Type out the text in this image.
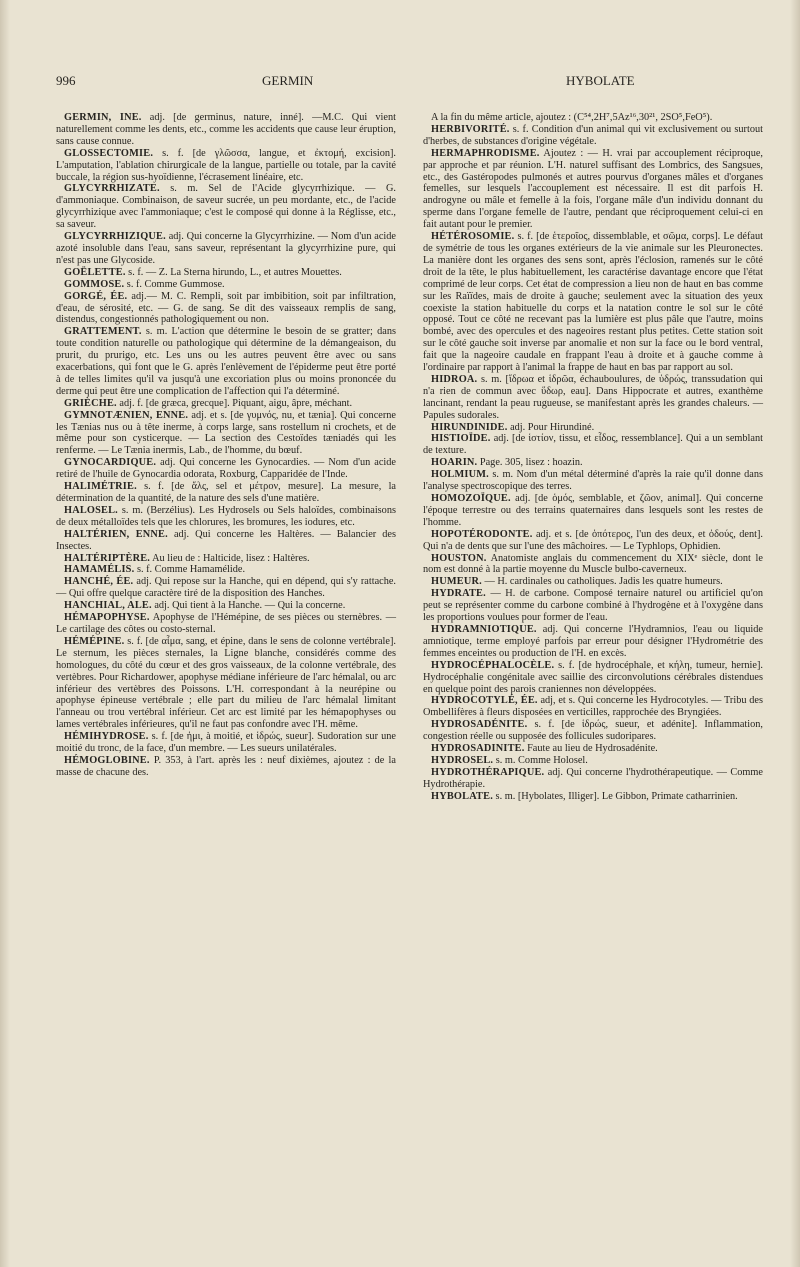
996	GERMIN	HYBOLATE

GERMIN, INE. adj. [de germinus, nature, inné]. —M.C. Qui vient naturellement comme les dents, etc., comme les accidents que cause leur éruption, sans cause connue.

GLOSSECTOMIE. s. f. [de γλῶσσα, langue, et ἐκτομή, excision]. L'amputation, l'ablation chirurgicale de la langue, partielle ou totale, par la cavité buccale, la région sus-hyoïdienne, l'écrasement linéaire, etc.

GLYCYRRHIZATE. s. m. Sel de l'Acide glycyrrhizique. — G. d'ammoniaque. Combinaison, de saveur sucrée, un peu mordante, etc., de l'acide glycyrrhizique avec l'ammoniaque; c'est le composé qui donne à la Réglisse, etc., sa saveur.

GLYCYRRHIZIQUE. adj. Qui concerne la Glycyrrhizine. — Nom d'un acide azoté insoluble dans l'eau, sans saveur, représentant la glycyrrhizine pure, qui n'est pas une Glycoside.

GOËLETTE. s. f. — Z. La Sterna hirundo, L., et autres Mouettes.

GOMMOSE. s. f. Comme Gummose.

GORGÉ, ÉE. adj.— M. C. Rempli, soit par imbibition, soit par infiltration, d'eau, de sérosité, etc. — G. de sang. Se dit des vaisseaux remplis de sang, distendus, congestionnés pathologiquement ou non.

GRATTEMENT. s. m. L'action que détermine le besoin de se gratter; dans toute condition naturelle ou pathologique qui détermine de la démangeaison, du prurit, du prurigo, etc. Les uns ou les autres peuvent être avec ou sans exacerbations, qui font que le G. après l'enlèvement de l'épiderme peut être porté à de telles limites qu'il va jusqu'à une excoriation plus ou moins prononcée du derme qui peut être une complication de l'affection qui l'a déterminé.

GRIÈCHE. adj. f. [de græca, grecque]. Piquant, aigu, âpre, méchant.

GYMNOTÆNIEN, ENNE. adj. et s. [de γυμνός, nu, et tænia]. Qui concerne les Tænias nus ou à tête inerme, à corps large, sans rostellum ni crochets, et de même pour son cysticerque. — La section des Cestoïdes tæniadés qui les renferme. — Le Tænia inermis, Lab., de l'homme, du bœuf.

GYNOCARDIQUE. adj. Qui concerne les Gynocardies. — Nom d'un acide retiré de l'huile de Gynocardia odorata, Roxburg, Capparidée de l'Inde.

HALIMÉTRIE. s. f. [de ἅλς, sel et μέτρον, mesure]. La mesure, la détermination de la quantité, de la nature des sels d'une matière.

HALOSEL. s. m. (Berzélius). Les Hydrosels ou Sels haloïdes, combinaisons de deux métalloïdes tels que les chlorures, les bromures, les iodures, etc.

HALTÉRIEN, ENNE. adj. Qui concerne les Haltères. — Balancier des Insectes.

HALTÉRIPTÈRE. Au lieu de : Halticide, lisez : Haltères.

HAMAMÉLIS. s. f. Comme Hamamélide.

HANCHÉ, ÉE. adj. Qui repose sur la Hanche, qui en dépend, qui s'y rattache. — Qui offre quelque caractère tiré de la disposition des Hanches.

HANCHIAL, ALE. adj. Qui tient à la Hanche. — Qui la concerne.

HÉMAPOPHYSE. Apophyse de l'Hémépine, de ses pièces ou sternèbres. — Le cartilage des côtes ou costo-sternal.

HÉMÉPINE. s. f. [de αἷμα, sang, et épine, dans le sens de colonne vertébrale]. Le sternum, les pièces sternales, la Ligne blanche, considérés comme des homologues, du côté du cœur et des gros vaisseaux, de la colonne vertébrale, des vertèbres. Pour Richardower, apophyse médiane inférieure de l'arc hémalal, ou arc inférieur des vertèbres des Poissons. L'H. correspondant à la neurépine ou apophyse épineuse vertébrale ; elle part du milieu de l'arc hémalal limitant l'anneau ou trou vertébral inférieur. Cet arc est limité par les hémapophyses ou lames vertébrales inférieures, qu'il ne faut pas confondre avec l'H. même.

HÉMIHYDROSE. s. f. [de ἡμι, à moitié, et ἱδρώς, sueur]. Sudoration sur une moitié du tronc, de la face, d'un membre. — Les sueurs unilatérales.

HÉMOGLOBINE. P. 353, à l'art. après les : neuf dixièmes, ajoutez : de la masse de chacune des.

A la fin du même article, ajoutez : (C⁵⁴,2H⁷,5Az¹⁶,30²¹, 2SO⁵,FeO⁵).

HERBIVORITÉ. s. f. Condition d'un animal qui vit exclusivement ou surtout d'herbes, de substances d'origine végétale.

HERMAPHRODISME. Ajoutez : — H. vrai par accouplement réciproque, par approche et par réunion. L'H. naturel suffisant des Lombrics, des Sangsues, etc., des Gastéropodes pulmonés et autres pourvus d'organes mâles et d'organes femelles, sur lesquels l'accouplement est nécessaire. Il est dit parfois H. androgyne ou mâle et femelle à la fois, l'organe mâle d'un individu donnant du sperme dans l'organe femelle de l'autre, pendant que réciproquement celui-ci en fait autant pour le premier.

HÉTÉROSOMIE. s. f. [de ἑτεροῖος, dissemblable, et σῶμα, corps]. Le défaut de symétrie de tous les organes extérieurs de la vie animale sur les Pleuronectes. La manière dont les organes des sens sont, après l'éclosion, ramenés sur le côté droit de la tête, le plus habituellement, les caractérise davantage encore que l'état comprimé de leur corps. Cet état de compression a lieu non de haut en bas comme sur les Raïïdes, mais de droite à gauche; seulement avec la situation des yeux coexiste la station habituelle du corps et la natation contre le sol sur le côté opposé. Tout ce côté ne recevant pas la lumière est plus pâle que l'autre, moins bombé, avec des opercules et des nageoires restant plus petites. Cette station soit sur le côté gauche soit inverse par anomalie et non sur la face ou le bord ventral, fait que la nageoire caudale en frappant l'eau à droite et à gauche comme à l'ordinaire par rapport à l'animal la frappe de haut en bas par rapport au sol.

HIDROA. s. m. [ἵδρωα et ἱδρῶα, échauboulures, de ὑδρώς, transsudation qui n'a rien de commun avec ὕδωρ, eau]. Dans Hippocrate et autres, exanthème lancinant, rendant la peau rugueuse, se manifestant après les grandes chaleurs. — Papules sudorales.

HIRUNDINIDE. adj. Pour Hirundiné.

HISTIOÏDE. adj. [de ἱστίον, tissu, et εἶδος, ressemblance]. Qui a un semblant de texture.

HOARIN. Page. 305, lisez : hoazin.

HOLMIUM. s. m. Nom d'un métal déterminé d'après la raie qu'il donne dans l'analyse spectroscopique des terres.

HOMOZOÏQUE. adj. [de ὁμός, semblable, et ζῶον, animal]. Qui concerne l'époque terrestre ou des terrains quaternaires dans lesquels sont les restes de l'homme.

HOPOTÉRODONTE. adj. et s. [de ὁπότερος, l'un des deux, et ὀδούς, dent]. Qui n'a de dents que sur l'une des mâchoires. — Le Typhlops, Ophidien.

HOUSTON. Anatomiste anglais du commencement du XIXᵉ siècle, dont le nom est donné à la partie moyenne du Muscle bulbo-caverneux.

HUMEUR. — H. cardinales ou catholiques. Jadis les quatre humeurs.

HYDRATE. — H. de carbone. Composé ternaire naturel ou artificiel qu'on peut se représenter comme du carbone combiné à l'hydrogène et à l'oxygène dans les proportions voulues pour former de l'eau.

HYDRAMNIOTIQUE. adj. Qui concerne l'Hydramnios, l'eau ou liquide amniotique, terme employé parfois par erreur pour désigner l'Hydrométrie des femmes enceintes ou production de l'H. en excès.

HYDROCÉPHALOCÈLE. s. f. [de hydrocéphale, et κήλη, tumeur, hernie]. Hydrocéphalie congénitale avec saillie des circonvolutions cérébrales distendues en quelque point des parois craniennes non développées.

HYDROCOTYLÉ, ÉE. adj, et s. Qui concerne les Hydrocotyles. — Tribu des Ombellifères à fleurs disposées en verticilles, rapprochée des Bryngiées.

HYDROSADÉNITE. s. f. [de ἱδρώς, sueur, et adénite]. Inflammation, congestion réelle ou supposée des follicules sudoripares.

HYDROSADINITE. Faute au lieu de Hydrosadénite.

HYDROSEL. s. m. Comme Holosel.

HYDROTHÉRAPIQUE. adj. Qui concerne l'hydrothérapeutique. — Comme Hydrothérapie.

HYBOLATE. s. m. [Hybolates, Illiger]. Le Gibbon, Primate catharrinien.
